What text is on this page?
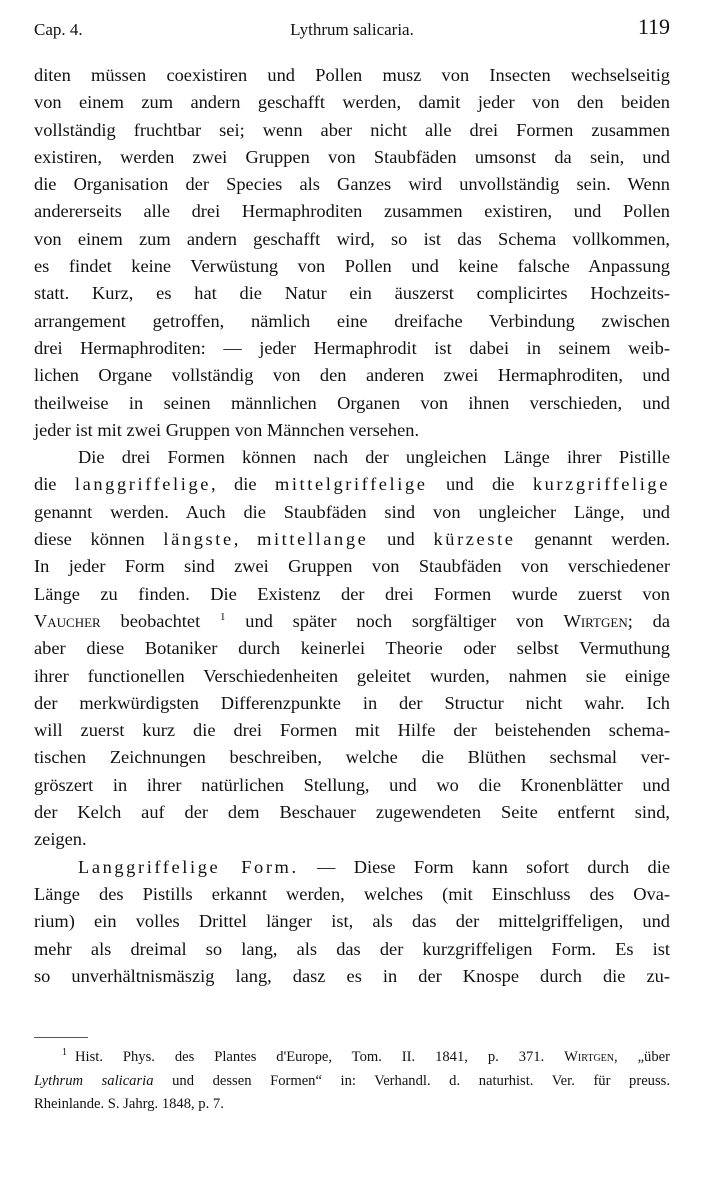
Cap. 4.	Lythrum salicaria.	119

diten müssen coexistiren und Pollen musz von Insecten wechselseitig
von einem zum andern geschafft werden, damit jeder von den beiden
vollständig fruchtbar sei; wenn aber nicht alle drei Formen zusammen
existiren, werden zwei Gruppen von Staubfäden umsonst da sein, und
die Organisation der Species als Ganzes wird unvollständig sein. Wenn
andererseits alle drei Hermaphroditen zusammen existiren, und Pollen
von einem zum andern geschafft wird, so ist das Schema vollkommen,
es findet keine Verwüstung von Pollen und keine falsche Anpassung
statt. Kurz, es hat die Natur ein äuszerst complicirtes Hochzeits-
arrangement getroffen, nämlich eine dreifache Verbindung zwischen
drei Hermaphroditen: — jeder Hermaphrodit ist dabei in seinem weib-
lichen Organe vollständig von den anderen zwei Hermaphroditen, und
theilweise in seinen männlichen Organen von ihnen verschieden, und
jeder ist mit zwei Gruppen von Männchen versehen.

Die drei Formen können nach der ungleichen Länge ihrer Pistille
die langgriffelige, die mittelgriffelige und die kurzgriffelige
genannt werden. Auch die Staubfäden sind von ungleicher Länge, und
diese können längste, mittellange und kürzeste genannt werden.
In jeder Form sind zwei Gruppen von Staubfäden von verschiedener
Länge zu finden. Die Existenz der drei Formen wurde zuerst von
Vaucher beobachtet $^1$ und später noch sorgfältiger von Wirtgen; da
aber diese Botaniker durch keinerlei Theorie oder selbst Vermuthung
ihrer functionellen Verschiedenheiten geleitet wurden, nahmen sie einige
der merkwürdigsten Differenzpunkte in der Structur nicht wahr. Ich
will zuerst kurz die drei Formen mit Hilfe der beistehenden schema-
tischen Zeichnungen beschreiben, welche die Blüthen sechsmal ver-
gröszert in ihrer natürlichen Stellung, und wo die Kronenblätter und
der Kelch auf der dem Beschauer zugewendeten Seite entfernt sind,
zeigen.

Langgriffelige Form. — Diese Form kann sofort durch die
Länge des Pistills erkannt werden, welches (mit Einschluss des Ova-
rium) ein volles Drittel länger ist, als das der mittelgriffeligen, und
mehr als dreimal so lang, als das der kurzgriffeligen Form. Es ist
so unverhältnismäszig lang, dasz es in der Knospe durch die zu-

$^1$ Hist. Phys. des Plantes d'Europe, Tom. II. 1841, p. 371. Wirtgen, „über
Lythrum salicaria und dessen Formen“ in: Verhandl. d. naturhist. Ver. für preuss.
Rheinlande. S. Jahrg. 1848, p. 7.
